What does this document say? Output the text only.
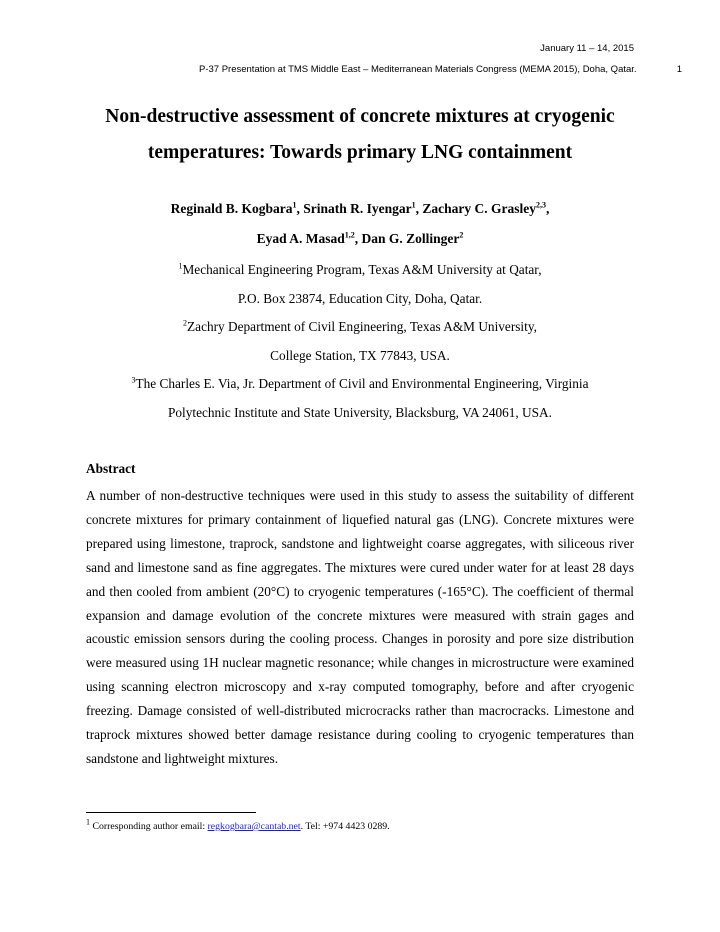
January 11 – 14, 2015
P-37 Presentation at TMS Middle East – Mediterranean Materials Congress (MEMA 2015), Doha, Qatar.	1
Non-destructive assessment of concrete mixtures at cryogenic
temperatures: Towards primary LNG containment
Reginald B. Kogbara$^1$, Srinath R. Iyengar$^1$, Zachary C. Grasley$^{2,3}$,
Eyad A. Masad$^{1,2}$, Dan G. Zollinger$^2$
$^1$Mechanical Engineering Program, Texas A&M University at Qatar,
P.O. Box 23874, Education City, Doha, Qatar.
$^2$Zachry Department of Civil Engineering, Texas A&M University,
College Station, TX 77843, USA.
$^3$The Charles E. Via, Jr. Department of Civil and Environmental Engineering, Virginia
Polytechnic Institute and State University, Blacksburg, VA 24061, USA.
Abstract

A number of non-destructive techniques were used in this study to assess the suitability of different concrete mixtures for primary containment of liquefied natural gas (LNG). Concrete mixtures were prepared using limestone, traprock, sandstone and lightweight coarse aggregates, with siliceous river sand and limestone sand as fine aggregates. The mixtures were cured under water for at least 28 days and then cooled from ambient (20°C) to cryogenic temperatures (-165°C). The coefficient of thermal expansion and damage evolution of the concrete mixtures were measured with strain gages and acoustic emission sensors during the cooling process. Changes in porosity and pore size distribution were measured using 1H nuclear magnetic resonance; while changes in microstructure were examined using scanning electron microscopy and x-ray computed tomography, before and after cryogenic freezing. Damage consisted of well-distributed microcracks rather than macrocracks. Limestone and traprock mixtures showed better damage resistance during cooling to cryogenic temperatures than sandstone and lightweight mixtures.

$^1$ Corresponding author email: regkogbara@cantab.net. Tel: +974 4423 0289.
